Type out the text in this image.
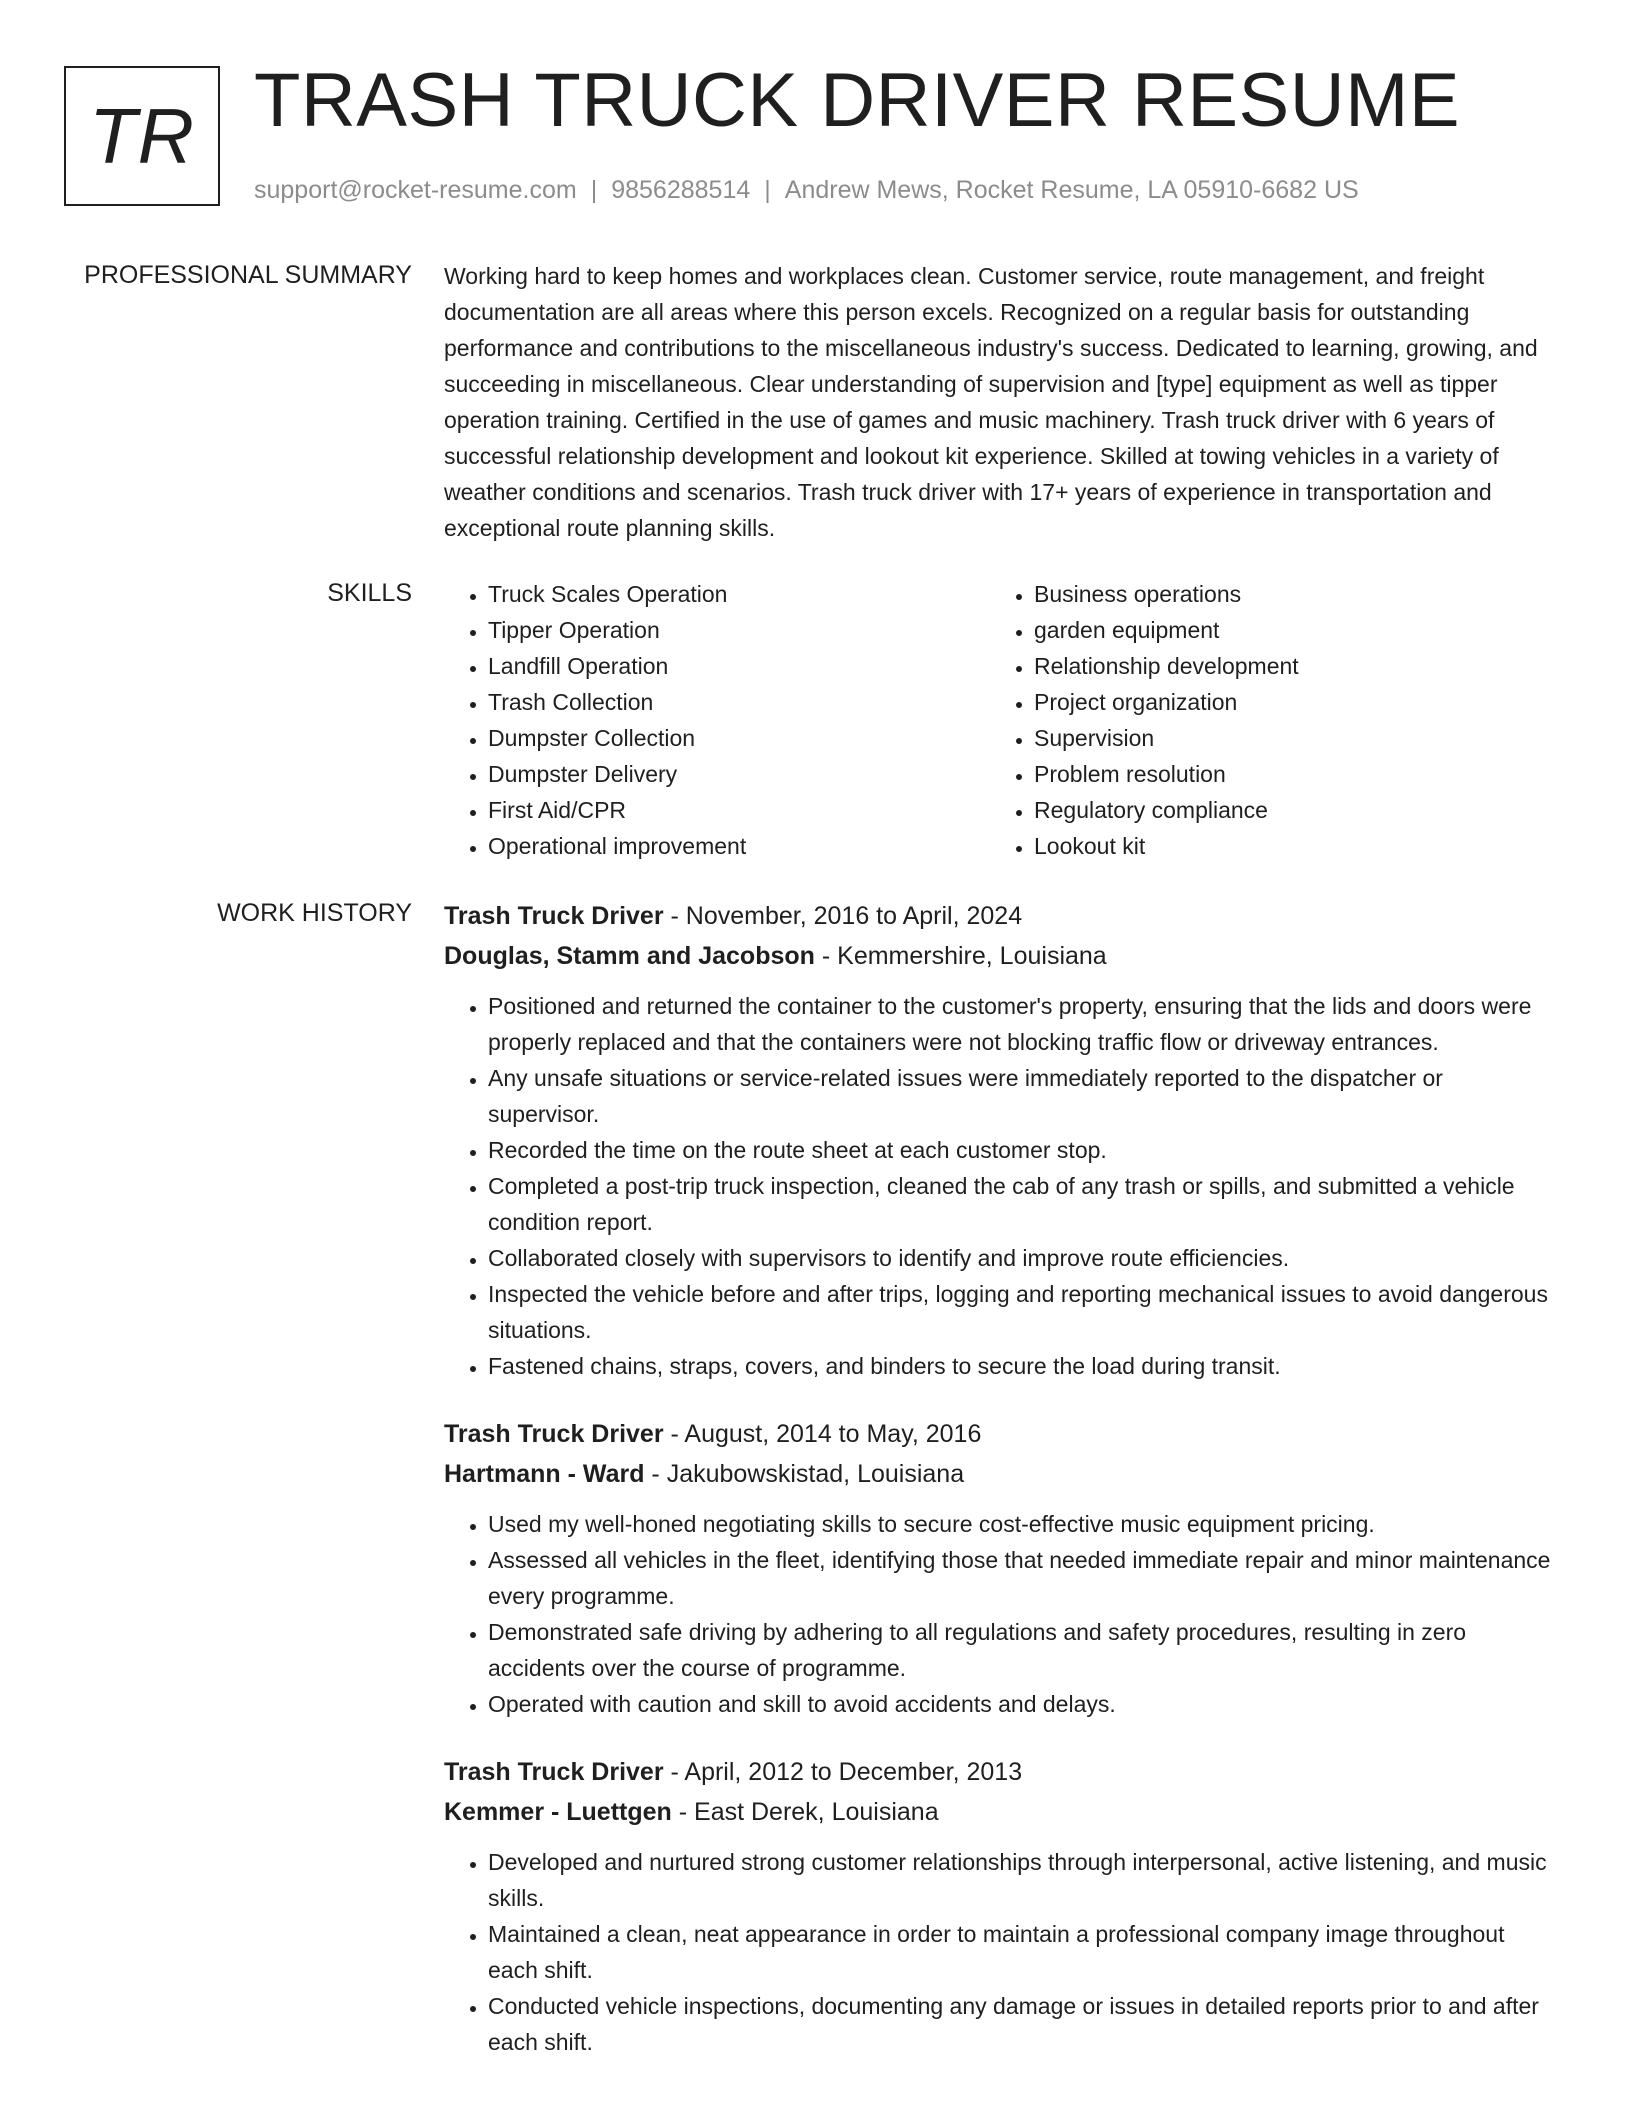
TR TRASH TRUCK DRIVER RESUME
support@rocket-resume.com | 9856288514 | Andrew Mews, Rocket Resume, LA 05910-6682 US
PROFESSIONAL SUMMARY Working hard to keep homes and workplaces clean. Customer service, route management, and freight documentation are all areas where this person excels. Recognized on a regular basis for outstanding performance and contributions to the miscellaneous industry's success. Dedicated to learning, growing, and succeeding in miscellaneous. Clear understanding of supervision and [type] equipment as well as tipper operation training. Certified in the use of games and music machinery. Trash truck driver with 6 years of successful relationship development and lookout kit experience. Skilled at towing vehicles in a variety of weather conditions and scenarios. Trash truck driver with 17+ years of experience in transportation and exceptional route planning skills.

SKILLS
•	Truck Scales Operation
• Tipper Operation
• Landfill Operation
• Trash Collection
• Dumpster Collection
• Dumpster Delivery
• First Aid/CPR
• Operational improvement
• Business operations
• garden equipment
• Relationship development
• Project organization
• Supervision
• Problem resolution
• Regulatory compliance
• Lookout kit
WORK HISTORY Trash Truck Driver - November, 2016 to April, 2024
Douglas, Stamm and Jacobson - Kemmershire, Louisiana
• Positioned and returned the container to the customer's property, ensuring that the lids and doors were properly replaced and that the containers were not blocking traffic flow or driveway entrances.
• Any unsafe situations or service-related issues were immediately reported to the dispatcher or supervisor.
• Recorded the time on the route sheet at each customer stop.
• Completed a post-trip truck inspection, cleaned the cab of any trash or spills, and submitted a vehicle condition report.
• Collaborated closely with supervisors to identify and improve route efficiencies.
• Inspected the vehicle before and after trips, logging and reporting mechanical issues to avoid dangerous situations.
• Fastened chains, straps, covers, and binders to secure the load during transit.
Trash Truck Driver - August, 2014 to May, 2016
Hartmann - Ward - Jakubowskistad, Louisiana
• Used my well-honed negotiating skills to secure cost-effective music equipment pricing.
• Assessed all vehicles in the fleet, identifying those that needed immediate repair and minor maintenance every programme.
• Demonstrated safe driving by adhering to all regulations and safety procedures, resulting in zero accidents over the course of programme.
• Operated with caution and skill to avoid accidents and delays.
Trash Truck Driver - April, 2012 to December, 2013
Kemmer - Luettgen - East Derek, Louisiana
• Developed and nurtured strong customer relationships through interpersonal, active listening, and music skills.
• Maintained a clean, neat appearance in order to maintain a professional company image throughout each shift.
• Conducted vehicle inspections, documenting any damage or issues in detailed reports prior to and after each shift.
